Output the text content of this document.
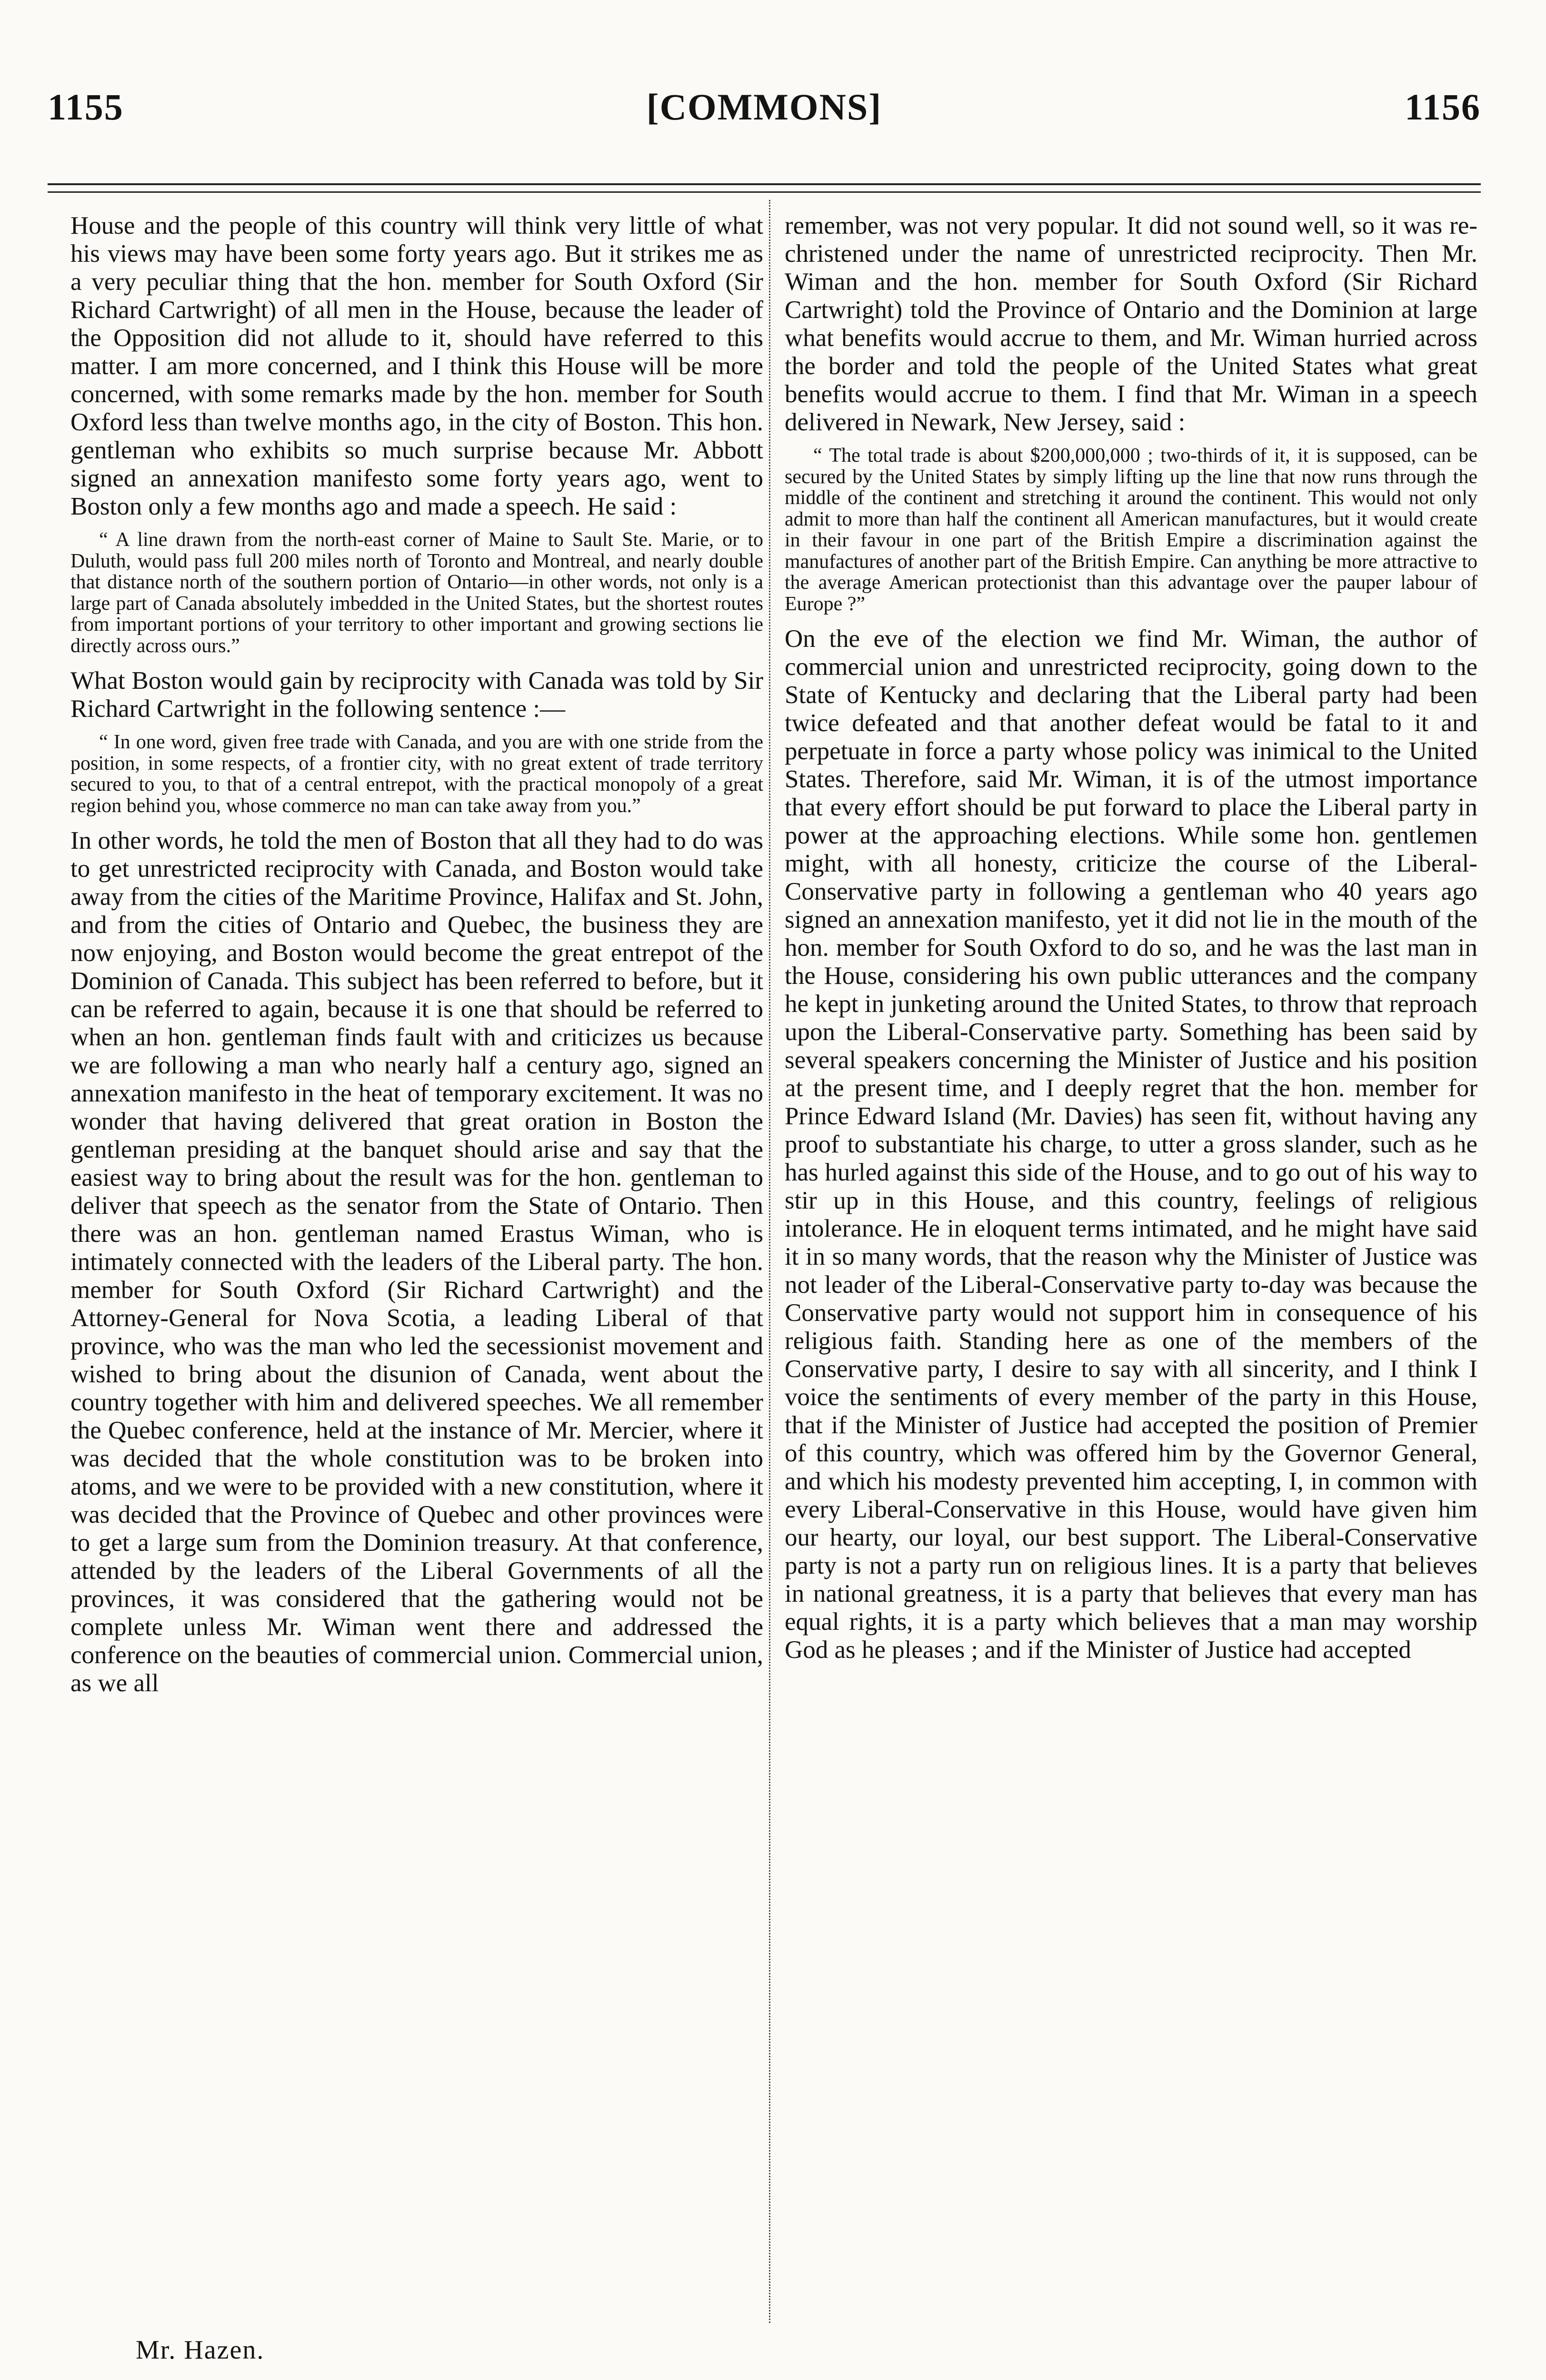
1155	[COMMONS]	1156

House and the people of this country will think very little of what his views may have been some forty years ago. But it strikes me as a very peculiar thing that the hon. member for South Oxford (Sir Richard Cartwright) of all men in the House, because the leader of the Opposition did not allude to it, should have referred to this matter. I am more concerned, and I think this House will be more concerned, with some remarks made by the hon. member for South Oxford less than twelve months ago, in the city of Boston. This hon. gentleman who exhibits so much surprise because Mr. Abbott signed an annexation manifesto some forty years ago, went to Boston only a few months ago and made a speech. He said :

“ A line drawn from the north-east corner of Maine to Sault Ste. Marie, or to Duluth, would pass full 200 miles north of Toronto and Montreal, and nearly double that distance north of the southern portion of Ontario—in other words, not only is a large part of Canada absolutely imbedded in the United States, but the shortest routes from important portions of your territory to other important and growing sections lie directly across ours.”

What Boston would gain by reciprocity with Canada was told by Sir Richard Cartwright in the following sentence :—

“ In one word, given free trade with Canada, and you are with one stride from the position, in some respects, of a frontier city, with no great extent of trade territory secured to you, to that of a central entrepot, with the practical monopoly of a great region behind you, whose commerce no man can take away from you.”

In other words, he told the men of Boston that all they had to do was to get unrestricted reciprocity with Canada, and Boston would take away from the cities of the Maritime Province, Halifax and St. John, and from the cities of Ontario and Quebec, the business they are now enjoying, and Boston would become the great entrepot of the Dominion of Canada. This subject has been referred to before, but it can be referred to again, because it is one that should be referred to when an hon. gentleman finds fault with and criticizes us because we are following a man who nearly half a century ago, signed an annexation manifesto in the heat of temporary excitement. It was no wonder that having delivered that great oration in Boston the gentleman presiding at the banquet should arise and say that the easiest way to bring about the result was for the hon. gentleman to deliver that speech as the senator from the State of Ontario. Then there was an hon. gentleman named Erastus Wiman, who is intimately connected with the leaders of the Liberal party. The hon. member for South Oxford (Sir Richard Cartwright) and the Attorney-General for Nova Scotia, a leading Liberal of that province, who was the man who led the secessionist movement and wished to bring about the disunion of Canada, went about the country together with him and delivered speeches. We all remember the Quebec conference, held at the instance of Mr. Mercier, where it was decided that the whole constitution was to be broken into atoms, and we were to be provided with a new constitution, where it was decided that the Province of Quebec and other provinces were to get a large sum from the Dominion treasury. At that conference, attended by the leaders of the Liberal Governments of all the provinces, it was considered that the gathering would not be complete unless Mr. Wiman went there and addressed the conference on the beauties of commercial union. Commercial union, as we all

remember, was not very popular. It did not sound well, so it was re-christened under the name of unrestricted reciprocity. Then Mr. Wiman and the hon. member for South Oxford (Sir Richard Cartwright) told the Province of Ontario and the Dominion at large what benefits would accrue to them, and Mr. Wiman hurried across the border and told the people of the United States what great benefits would accrue to them. I find that Mr. Wiman in a speech delivered in Newark, New Jersey, said :

“ The total trade is about $200,000,000 ; two-thirds of it, it is supposed, can be secured by the United States by simply lifting up the line that now runs through the middle of the continent and stretching it around the continent. This would not only admit to more than half the continent all American manufactures, but it would create in their favour in one part of the British Empire a discrimination against the manufactures of another part of the British Empire. Can anything be more attractive to the average American protectionist than this advantage over the pauper labour of Europe ?”

On the eve of the election we find Mr. Wiman, the author of commercial union and unrestricted reciprocity, going down to the State of Kentucky and declaring that the Liberal party had been twice defeated and that another defeat would be fatal to it and perpetuate in force a party whose policy was inimical to the United States. Therefore, said Mr. Wiman, it is of the utmost importance that every effort should be put forward to place the Liberal party in power at the approaching elections. While some hon. gentlemen might, with all honesty, criticize the course of the Liberal-Conservative party in following a gentleman who 40 years ago signed an annexation manifesto, yet it did not lie in the mouth of the hon. member for South Oxford to do so, and he was the last man in the House, considering his own public utterances and the company he kept in junketing around the United States, to throw that reproach upon the Liberal-Conservative party. Something has been said by several speakers concerning the Minister of Justice and his position at the present time, and I deeply regret that the hon. member for Prince Edward Island (Mr. Davies) has seen fit, without having any proof to substantiate his charge, to utter a gross slander, such as he has hurled against this side of the House, and to go out of his way to stir up in this House, and this country, feelings of religious intolerance. He in eloquent terms intimated, and he might have said it in so many words, that the reason why the Minister of Justice was not leader of the Liberal-Conservative party to-day was because the Conservative party would not support him in consequence of his religious faith. Standing here as one of the members of the Conservative party, I desire to say with all sincerity, and I think I voice the sentiments of every member of the party in this House, that if the Minister of Justice had accepted the position of Premier of this country, which was offered him by the Governor General, and which his modesty prevented him accepting, I, in common with every Liberal-Conservative in this House, would have given him our hearty, our loyal, our best support. The Liberal-Conservative party is not a party run on religious lines. It is a party that believes in national greatness, it is a party that believes that every man has equal rights, it is a party which believes that a man may worship God as he pleases ; and if the Minister of Justice had accepted

Mr. Hazen.
